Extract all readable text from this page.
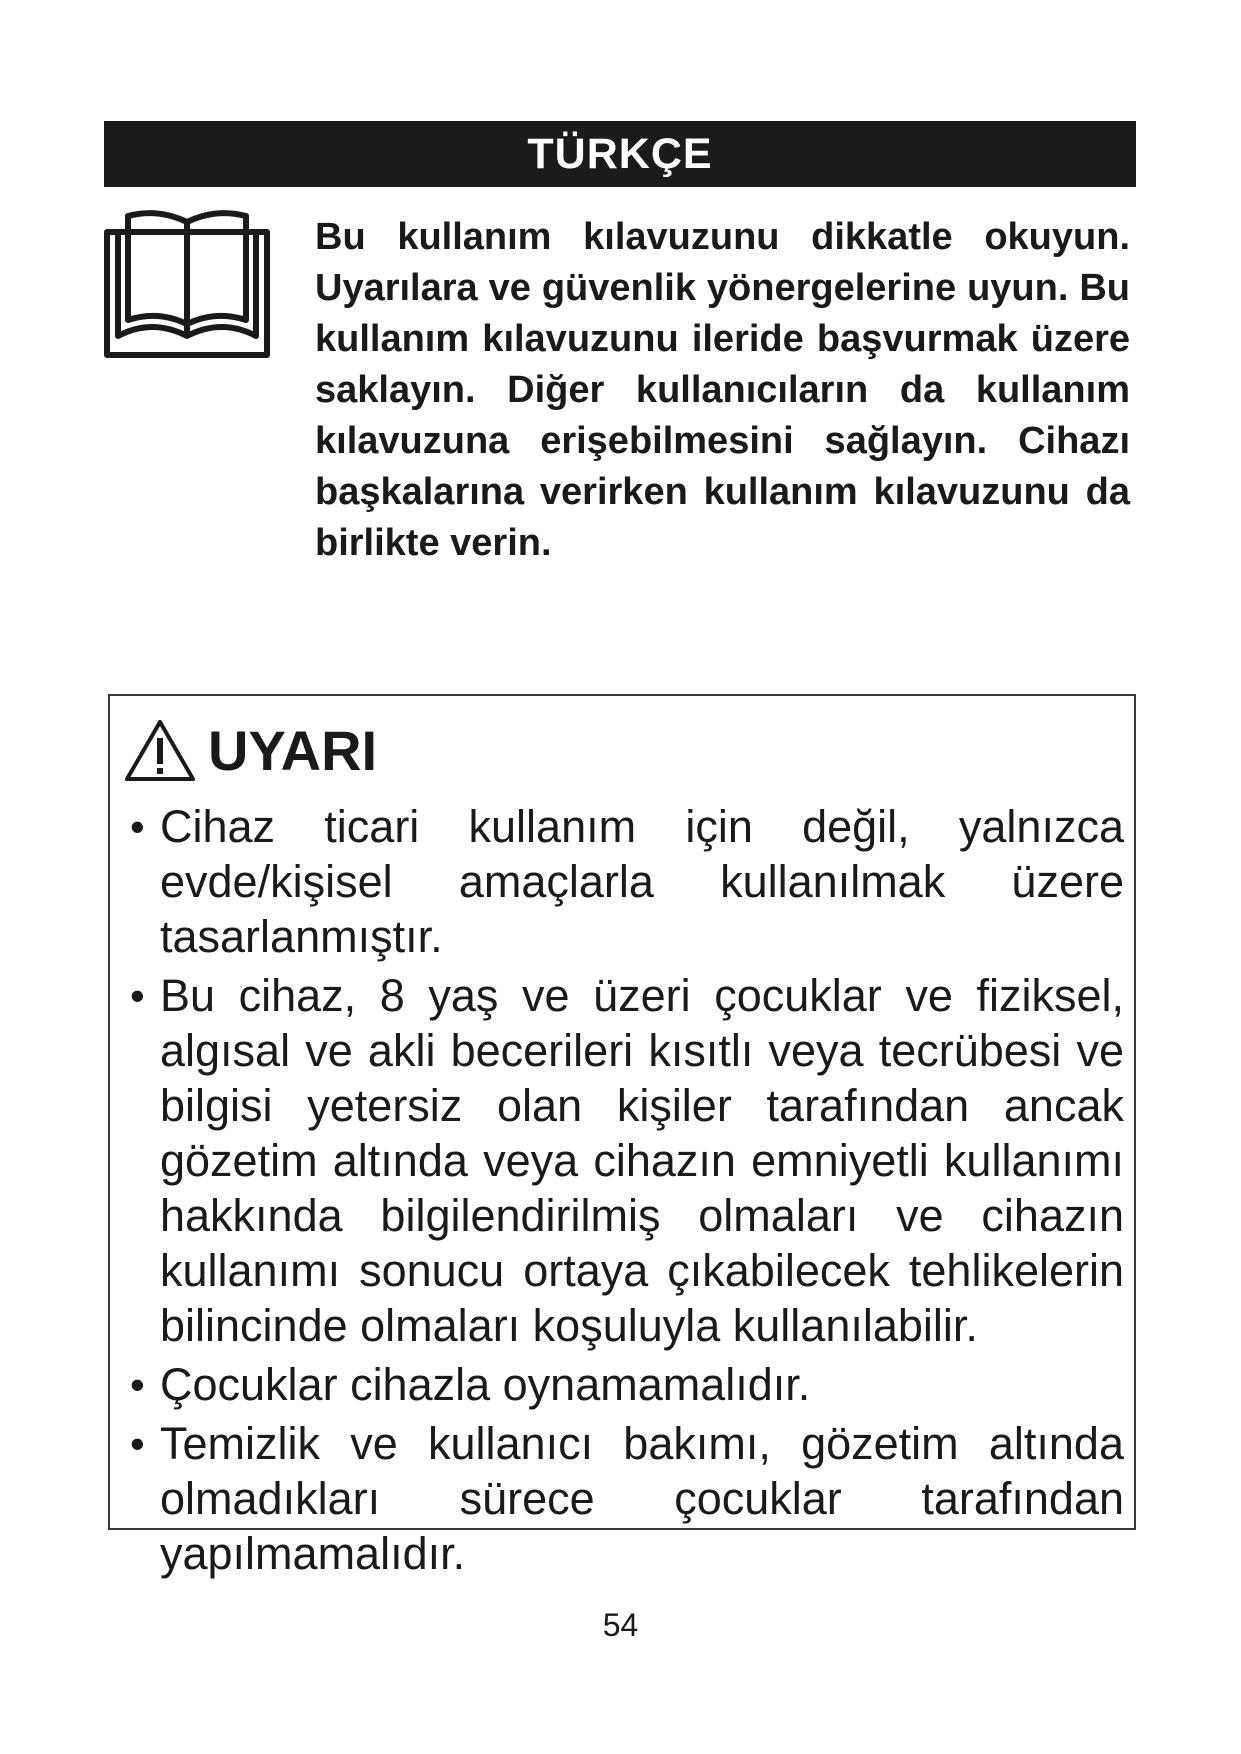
TÜRKÇE

Bu kullanım kılavuzunu dikkatle okuyun. Uyarılara ve güvenlik yönergelerine uyun. Bu kullanım kılavuzunu ileride başvurmak üzere saklayın. Diğer kullanıcıların da kullanım kılavuzuna erişebilmesini sağlayın. Cihazı başkalarına verirken kullanım kılavuzunu da birlikte verin.

UYARI
• Cihaz ticari kullanım için değil, yalnızca evde/kişisel amaçlarla kullanılmak üzere tasarlanmıştır.
• Bu cihaz, 8 yaş ve üzeri çocuklar ve fiziksel, algısal ve akli becerileri kısıtlı veya tecrübesi ve bilgisi yetersiz olan kişiler tarafından ancak gözetim altında veya cihazın emniyetli kullanımı hakkında bilgilendirilmiş olmaları ve cihazın kullanımı sonucu ortaya çıkabilecek tehlikelerin bilincinde olmaları koşuluyla kullanılabilir.
• Çocuklar cihazla oynamamalıdır.
• Temizlik ve kullanıcı bakımı, gözetim altında olmadıkları sürece çocuklar tarafından yapılmamalıdır.
54
